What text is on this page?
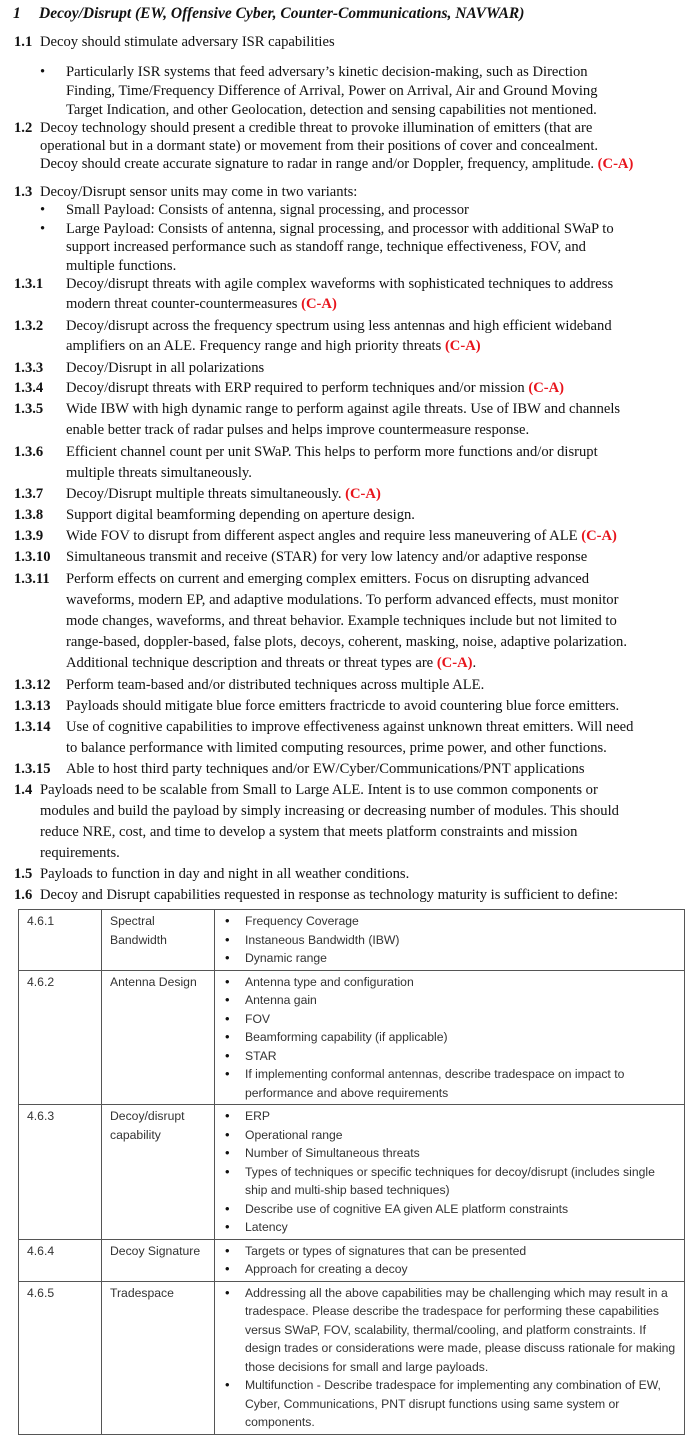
1 Decoy/Disrupt (EW, Offensive Cyber, Counter-Communications, NAVWAR)
1.1 Decoy should stimulate adversary ISR capabilities
• Particularly ISR systems that feed adversary’s kinetic decision-making, such as Direction
Finding, Time/Frequency Difference of Arrival, Power on Arrival, Air and Ground Moving
Target Indication, and other Geolocation, detection and sensing capabilities not mentioned.
1.2 Decoy technology should present a credible threat to provoke illumination of emitters (that are
operational but in a dormant state) or movement from their positions of cover and concealment.
Decoy should create accurate signature to radar in range and/or Doppler, frequency, amplitude. (C-A)
1.3 Decoy/Disrupt sensor units may come in two variants:
• Small Payload: Consists of antenna, signal processing, and processor
• Large Payload: Consists of antenna, signal processing, and processor with additional SWaP to
support increased performance such as standoff range, technique effectiveness, FOV, and
multiple functions.
1.3.1 Decoy/disrupt threats with agile complex waveforms with sophisticated techniques to address
modern threat counter-countermeasures (C-A)
1.3.2 Decoy/disrupt across the frequency spectrum using less antennas and high efficient wideband
amplifiers on an ALE. Frequency range and high priority threats (C-A)
1.3.3 Decoy/Disrupt in all polarizations
1.3.4 Decoy/disrupt threats with ERP required to perform techniques and/or mission (C-A)
1.3.5 Wide IBW with high dynamic range to perform against agile threats. Use of IBW and channels
enable better track of radar pulses and helps improve countermeasure response.
1.3.6 Efficient channel count per unit SWaP. This helps to perform more functions and/or disrupt
multiple threats simultaneously.
1.3.7 Decoy/Disrupt multiple threats simultaneously. (C-A)
1.3.8 Support digital beamforming depending on aperture design.
1.3.9 Wide FOV to disrupt from different aspect angles and require less maneuvering of ALE (C-A)
1.3.10 Simultaneous transmit and receive (STAR) for very low latency and/or adaptive response
1.3.11 Perform effects on current and emerging complex emitters. Focus on disrupting advanced
waveforms, modern EP, and adaptive modulations. To perform advanced effects, must monitor
mode changes, waveforms, and threat behavior. Example techniques include but not limited to
range-based, doppler-based, false plots, decoys, coherent, masking, noise, adaptive polarization.
Additional technique description and threats or threat types are (C-A).
1.3.12 Perform team-based and/or distributed techniques across multiple ALE.
1.3.13 Payloads should mitigate blue force emitters fractricde to avoid countering blue force emitters.
1.3.14 Use of cognitive capabilities to improve effectiveness against unknown threat emitters. Will need
to balance performance with limited computing resources, prime power, and other functions.
1.3.15 Able to host third party techniques and/or EW/Cyber/Communications/PNT applications
1.4 Payloads need to be scalable from Small to Large ALE. Intent is to use common components or
modules and build the payload by simply increasing or decreasing number of modules. This should
reduce NRE, cost, and time to develop a system that meets platform constraints and mission
requirements.
1.5 Payloads to function in day and night in all weather conditions.
1.6 Decoy and Disrupt capabilities requested in response as technology maturity is sufficient to define:
4.6.1	Spectral Bandwidth	
• Frequency Coverage
• Instaneous Bandwidth (IBW)
• Dynamic range

4.6.2	Antenna Design	
•Antenna type and configuration
• Antenna gain
• FOV
• Beamforming capability (if applicable)
• STAR
• If implementing conformal antennas, describe tradespace on impact to performance and above requirements

4.6.3	Decoy/disrupt capability	
• ERP
• Operational range
• Number of Simultaneous threats
• Types of techniques or specific techniques for decoy/disrupt (includes single ship and multi-ship based techniques)
• Describe use of cognitive EA given ALE platform constraints
• Latency

4.6.4	Decoy Signature	
•Targets or types of signatures that can be presented
• Approach for creating a decoy

4.6.5	Tradespace	
•Addressing all the above capabilities may be challenging which may result in a tradespace. Please describe the tradespace for performing these capabilities versus SWaP, FOV, scalability, thermal/cooling, and platform constraints. If design trades or considerations were made, please discuss rationale for making those decisions for small and large payloads.
• Multifunction - Describe tradespace for implementing any combination of EW, Cyber, Communications, PNT disrupt functions using same system or components.
